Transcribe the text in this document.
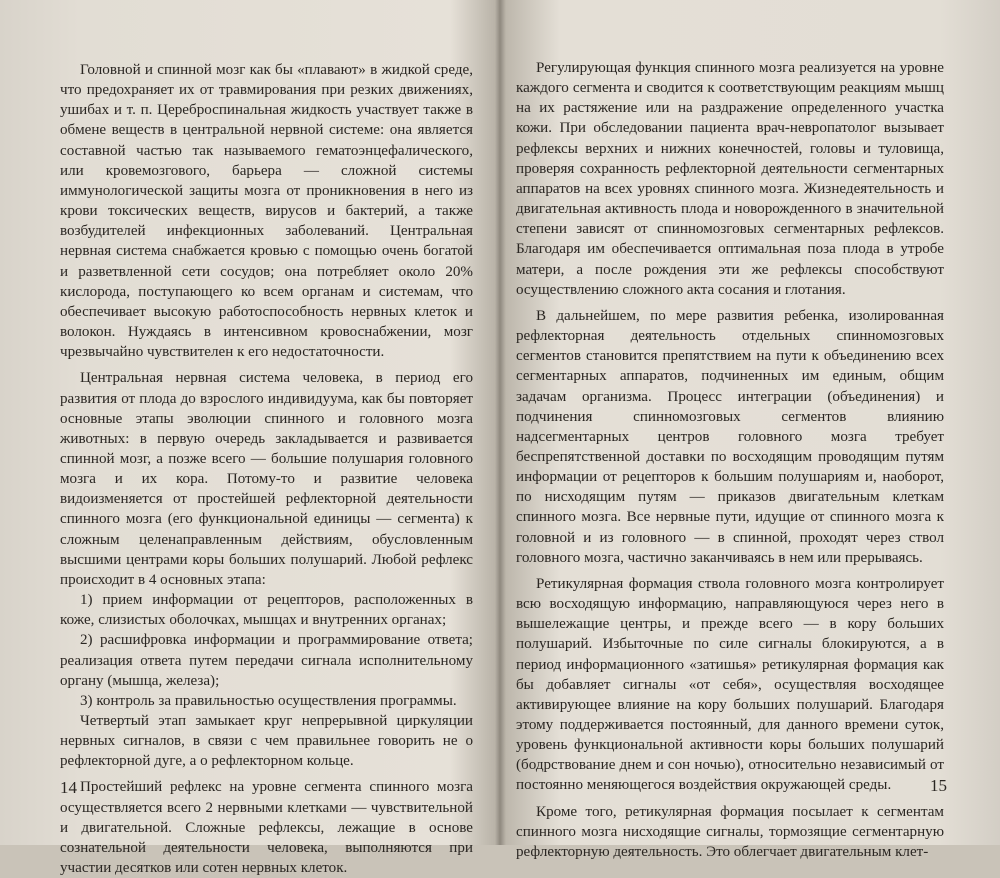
Головной и спинной мозг как бы «плавают» в жидкой среде, что предохраняет их от травмирования при резких движениях, ушибах и т. п. Цереброспинальная жидкость участвует также в обмене веществ в центральной нервной системе: она является составной частью так называемого гематоэнцефалического, или кровемозгового, барьера — сложной системы иммунологической защиты мозга от проникновения в него из крови токсических веществ, вирусов и бактерий, а также возбудителей инфекционных заболеваний. Центральная нервная система снабжается кровью с помощью очень богатой и разветвленной сети сосудов; она потребляет около 20% кислорода, поступающего ко всем органам и системам, что обеспечивает высокую работоспособность нервных клеток и волокон. Нуждаясь в интенсивном кровоснабжении, мозг чрезвычайно чувствителен к его недостаточности.

Центральная нервная система человека, в период его развития от плода до взрослого индивидуума, как бы повторяет основные этапы эволюции спинного и головного мозга животных: в первую очередь закладывается и развивается спинной мозг, а позже всего — большие полушария головного мозга и их кора. Потому-то и развитие человека видоизменяется от простейшей рефлекторной деятельности спинного мозга (его функциональной единицы — сегмента) к сложным целенаправленным действиям, обусловленным высшими центрами коры больших полушарий. Любой рефлекс происходит в 4 основных этапа:

1) прием информации от рецепторов, расположенных в коже, слизистых оболочках, мышцах и внутренних органах;

2) расшифровка информации и программирование ответа; реализация ответа путем передачи сигнала исполнительному органу (мышца, железа);

3) контроль за правильностью осуществления программы.

Четвертый этап замыкает круг непрерывной циркуляции нервных сигналов, в связи с чем правильнее говорить не о рефлекторной дуге, а о рефлекторном кольце.

Простейший рефлекс на уровне сегмента спинного мозга осуществляется всего 2 нервными клетками — чувствительной и двигательной. Сложные рефлексы, лежащие в основе сознательной деятельности человека, выполняются при участии десятков или сотен нервных клеток.

14

Регулирующая функция спинного мозга реализуется на уровне каждого сегмента и сводится к соответствующим реакциям мышц на их растяжение или на раздражение определенного участка кожи. При обследовании пациента врач-невропатолог вызывает рефлексы верхних и нижних конечностей, головы и туловища, проверяя сохранность рефлекторной деятельности сегментарных аппаратов на всех уровнях спинного мозга. Жизнедеятельность и двигательная активность плода и новорожденного в значительной степени зависят от спинномозговых сегментарных рефлексов. Благодаря им обеспечивается оптимальная поза плода в утробе матери, а после рождения эти же рефлексы способствуют осуществлению сложного акта сосания и глотания.

В дальнейшем, по мере развития ребенка, изолированная рефлекторная деятельность отдельных спинномозговых сегментов становится препятствием на пути к объединению всех сегментарных аппаратов, подчиненных им единым, общим задачам организма. Процесс интеграции (объединения) и подчинения спинномозговых сегментов влиянию надсегментарных центров головного мозга требует беспрепятственной доставки по восходящим проводящим путям информации от рецепторов к большим полушариям и, наоборот, по нисходящим путям — приказов двигательным клеткам спинного мозга. Все нервные пути, идущие от спинного мозга к головной и из головного — в спинной, проходят через ствол головного мозга, частично заканчиваясь в нем или прерываясь.

Ретикулярная формация ствола головного мозга контролирует всю восходящую информацию, направляющуюся через него в вышележащие центры, и прежде всего — в кору больших полушарий. Избыточные по силе сигналы блокируются, а в период информационного «затишья» ретикулярная формация как бы добавляет сигналы «от себя», осуществляя восходящее активирующее влияние на кору больших полушарий. Благодаря этому поддерживается постоянный, для данного времени суток, уровень функциональной активности коры больших полушарий (бодрствование днем и сон ночью), относительно независимый от постоянно меняющегося воздействия окружающей среды.

Кроме того, ретикулярная формация посылает к сегментам спинного мозга нисходящие сигналы, тормозящие сегментарную рефлекторную деятельность. Это облегчает двигательным клет-

15
